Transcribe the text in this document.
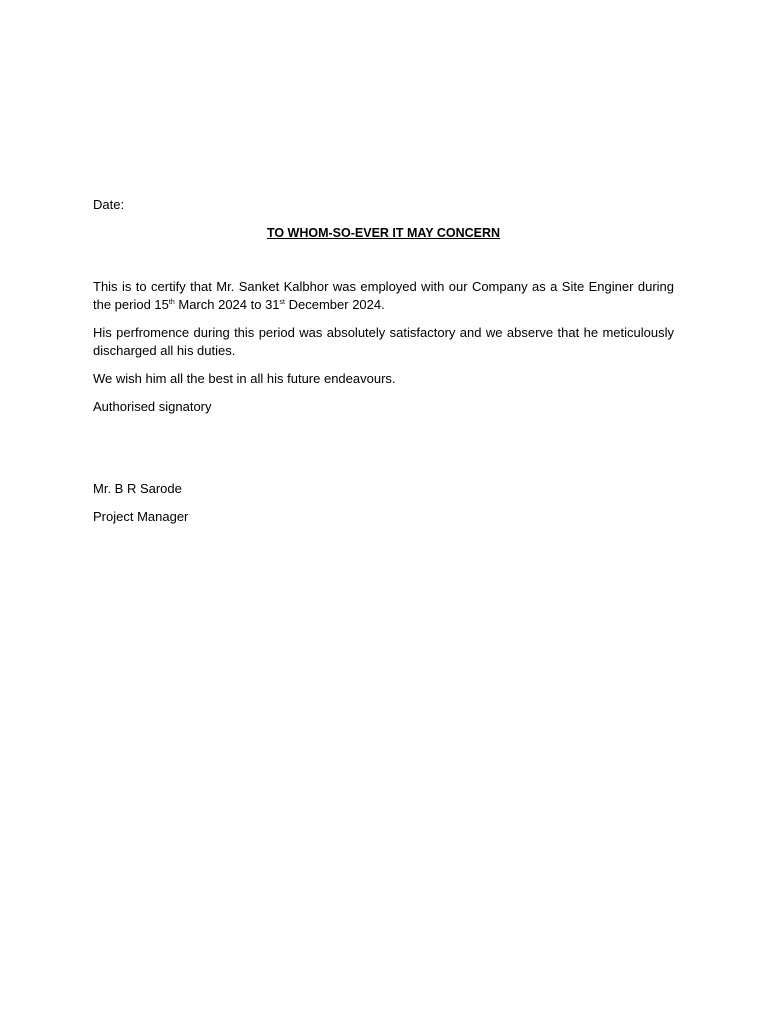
Date:

TO WHOM-SO-EVER IT MAY CONCERN

This is to certify that Mr. Sanket Kalbhor was employed with our Company as a Site Enginer during the period 15th March 2024 to 31st December 2024.

His perfromence during this period was absolutely satisfactory and we abserve that he meticulously discharged all his duties.

We wish him all the best in all his future endeavours.

Authorised signatory

Mr. B R Sarode

Project Manager
